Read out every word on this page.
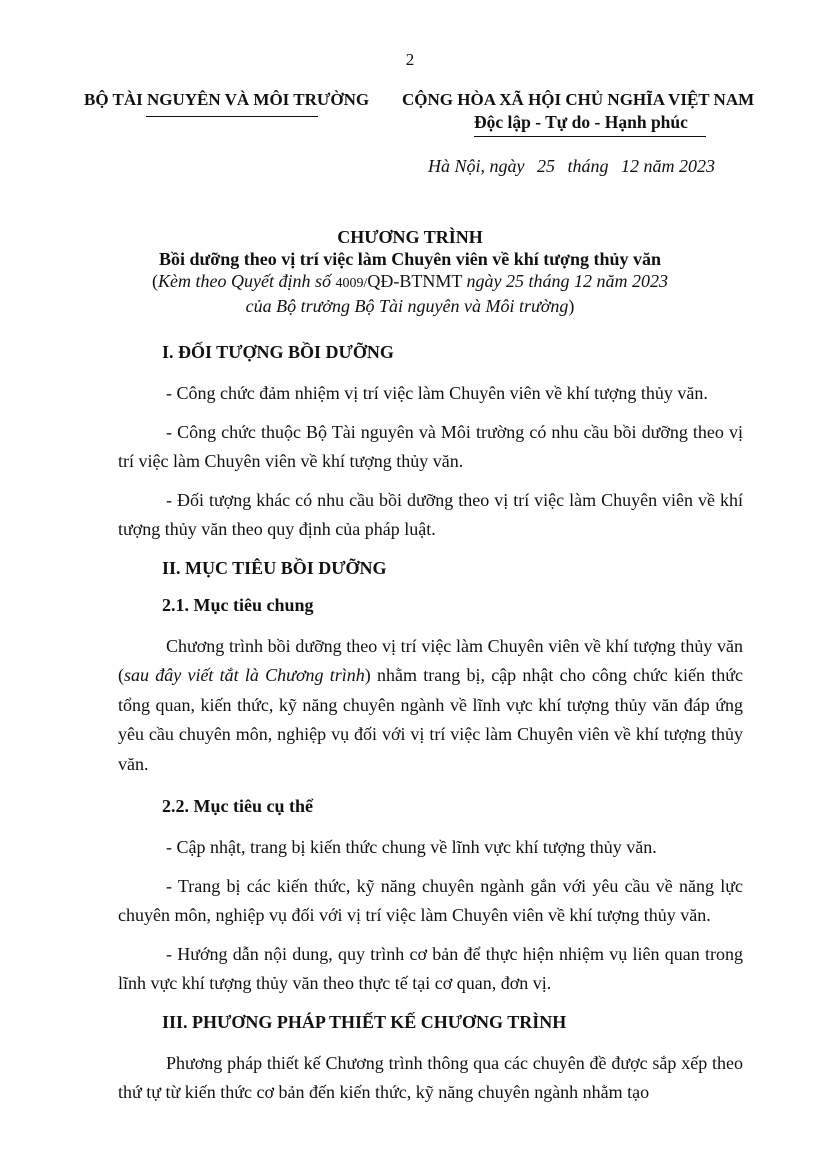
2
BỘ TÀI NGUYÊN VÀ MÔI TRƯỜNG CỘNG HÒA XÃ HỘI CHỦ NGHĨA VIỆT NAM
Độc lập - Tự do - Hạnh phúc
Hà Nội, ngày 25 tháng 12 năm 2023
CHƯƠNG TRÌNH
Bồi dưỡng theo vị trí việc làm Chuyên viên về khí tượng thủy văn
(Kèm theo Quyết định số 4009/QĐ-BTNMT ngày 25 tháng 12 năm 2023
của Bộ trưởng Bộ Tài nguyên và Môi trường)
I. ĐỐI TƯỢNG BỒI DƯỠNG

- Công chức đảm nhiệm vị trí việc làm Chuyên viên về khí tượng thủy văn.

- Công chức thuộc Bộ Tài nguyên và Môi trường có nhu cầu bồi dưỡng theo vị trí việc làm Chuyên viên về khí tượng thủy văn.

- Đối tượng khác có nhu cầu bồi dưỡng theo vị trí việc làm Chuyên viên về khí tượng thủy văn theo quy định của pháp luật.

II. MỤC TIÊU BỒI DƯỠNG
2.1. Mục tiêu chung

Chương trình bồi dưỡng theo vị trí việc làm Chuyên viên về khí tượng thủy văn (sau đây viết tắt là Chương trình) nhằm trang bị, cập nhật cho công chức kiến thức tổng quan, kiến thức, kỹ năng chuyên ngành về lĩnh vực khí tượng thủy văn đáp ứng yêu cầu chuyên môn, nghiệp vụ đối với vị trí việc làm Chuyên viên về khí tượng thủy văn.

2.2. Mục tiêu cụ thể

- Cập nhật, trang bị kiến thức chung về lĩnh vực khí tượng thủy văn.

- Trang bị các kiến thức, kỹ năng chuyên ngành gắn với yêu cầu về năng lực chuyên môn, nghiệp vụ đối với vị trí việc làm Chuyên viên về khí tượng thủy văn.

- Hướng dẫn nội dung, quy trình cơ bản để thực hiện nhiệm vụ liên quan trong lĩnh vực khí tượng thủy văn theo thực tế tại cơ quan, đơn vị.

III. PHƯƠNG PHÁP THIẾT KẾ CHƯƠNG TRÌNH

Phương pháp thiết kế Chương trình thông qua các chuyên đề được sắp xếp theo thứ tự từ kiến thức cơ bản đến kiến thức, kỹ năng chuyên ngành nhằm tạo
